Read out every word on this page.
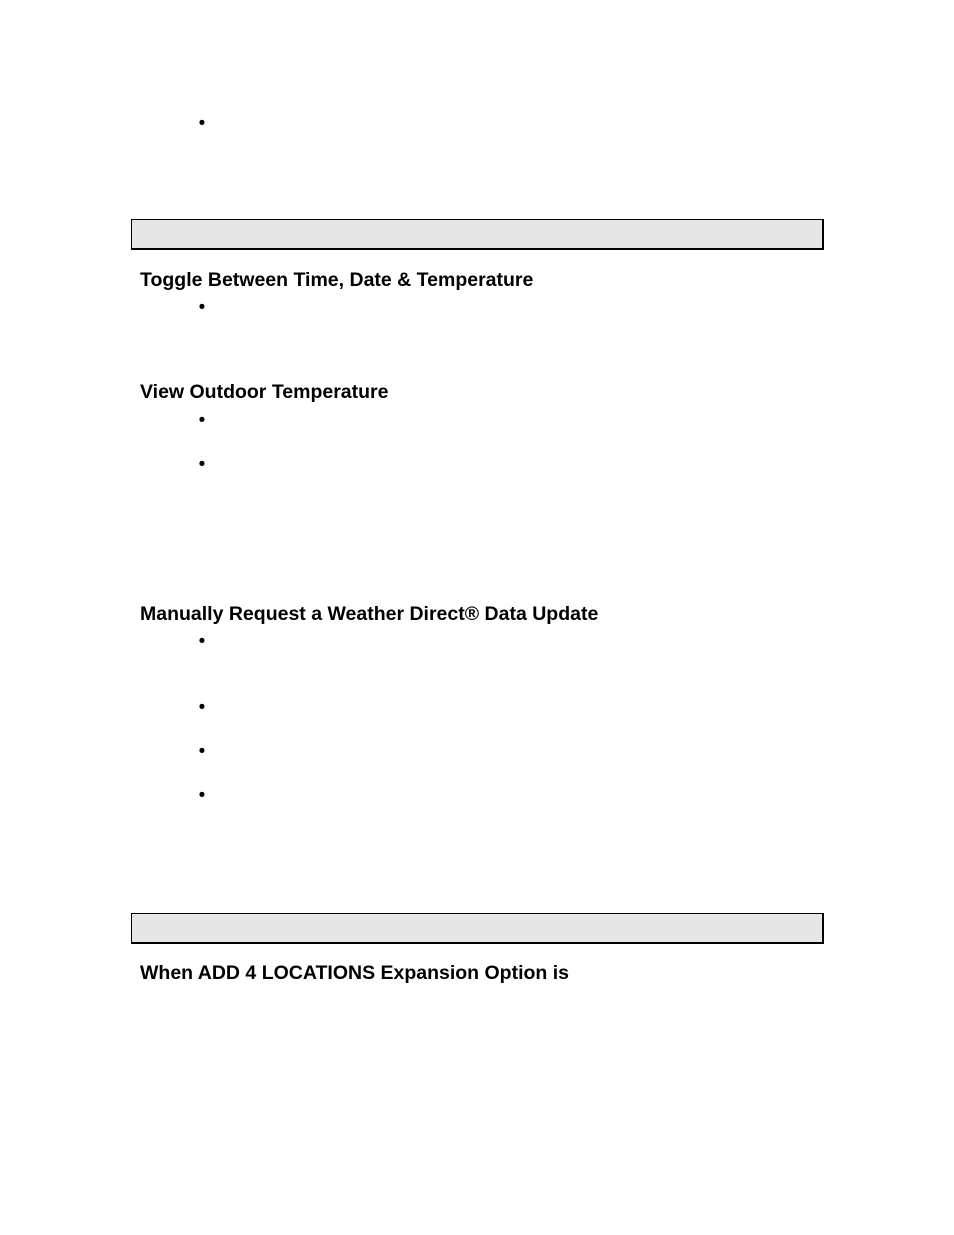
•
Toggle Between Time, Date & Temperature
•
View Outdoor Temperature
•
•
Manually Request a Weather Direct® Data Update
•
•
•
•
When ADD 4 LOCATIONS Expansion Option is
